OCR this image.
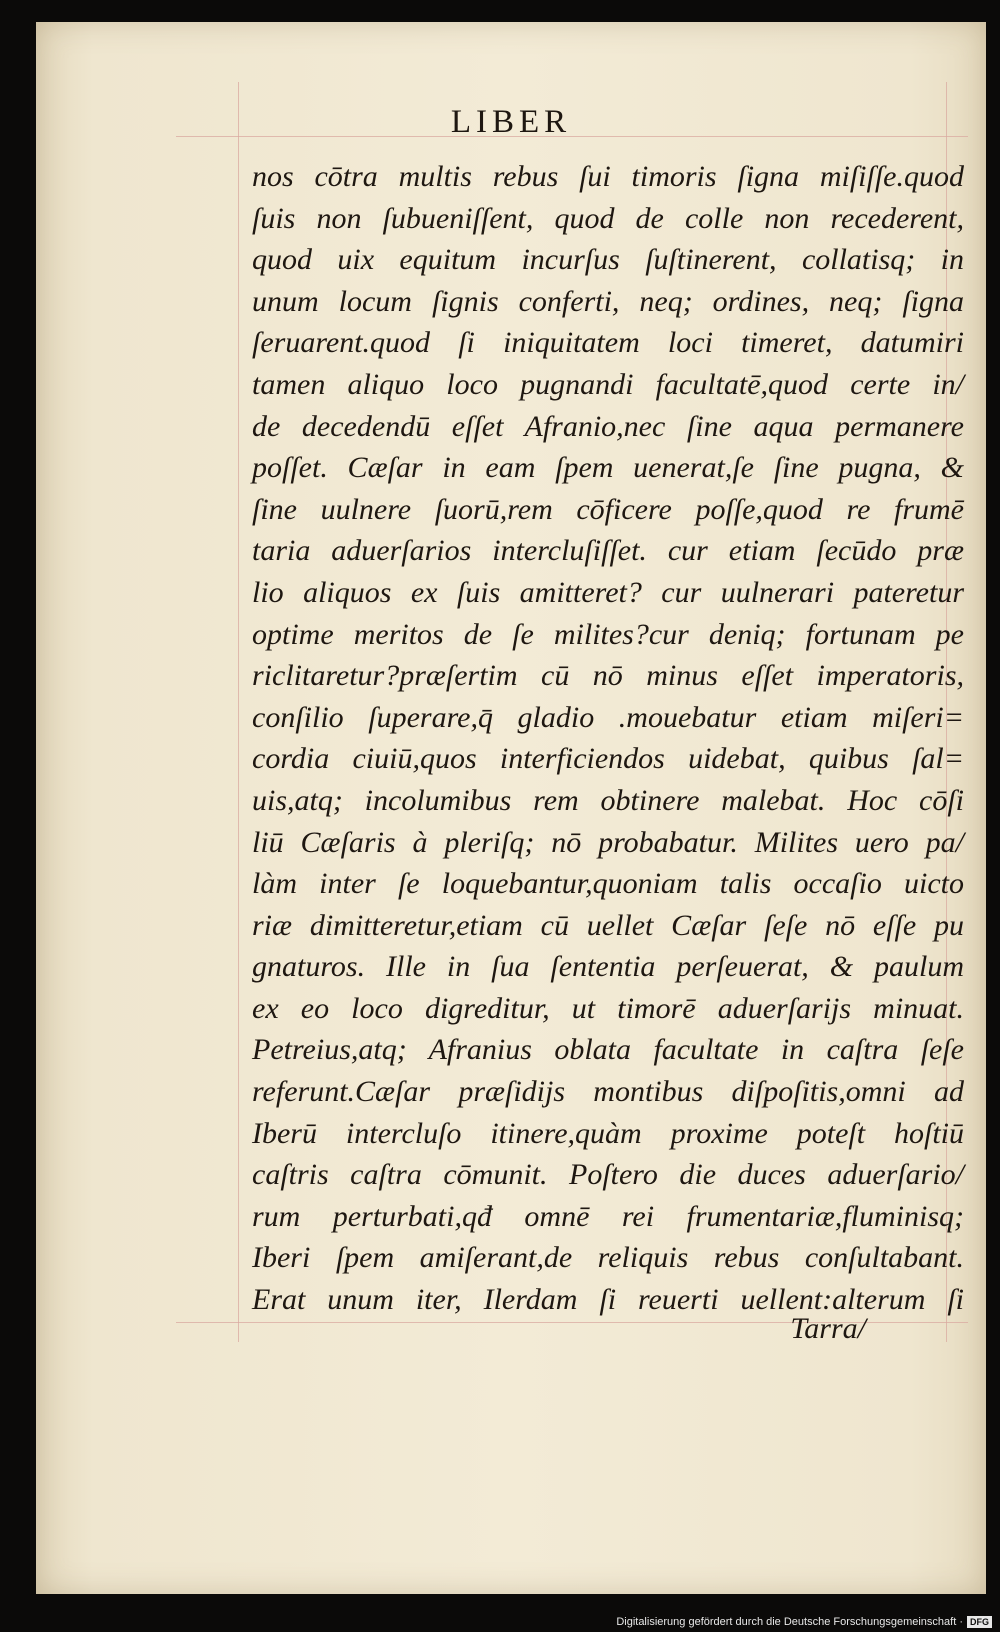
LIBER
nos cōtra multis rebus ſui timoris ſigna miſiſſe.quod
ſuis non ſubueniſſent, quod de colle non recederent,
quod uix equitum incurſus ſuſtinerent, collatisq; in
unum locum ſignis conferti, neq; ordines, neq; ſigna
ſeruarent.quod ſi iniquitatem loci timeret, datumiri
tamen aliquo loco pugnandi facultatē,quod certe in/
de decedendū eſſet Afranio,nec ſine aqua permanere
poſſet. Cæſar in eam ſpem uenerat,ſe ſine pugna, &
ſine uulnere ſuorū,rem cōficere poſſe,quod re frumē
taria aduerſarios intercluſiſſet. cur etiam ſecūdo præ
lio aliquos ex ſuis amitteret? cur uulnerari pateretur
optime meritos de ſe milites?cur deniq; fortunam pe
riclitaretur?præſertim cū nō minus eſſet imperatoris,
conſilio ſuperare,q̄ gladio .mouebatur etiam miſeri=
cordia ciuiū,quos interficiendos uidebat, quibus ſal=
uis,atq; incolumibus rem obtinere malebat. Hoc cōſi
liū Cæſaris à pleriſq; nō probabatur. Milites uero pa/
làm inter ſe loquebantur,quoniam talis occaſio uicto
riæ dimitteretur,etiam cū uellet Cæſar ſeſe nō eſſe pu
gnaturos. Ille in ſua ſententia perſeuerat, & paulum
ex eo loco digreditur, ut timorē aduerſarijs minuat.
Petreius,atq; Afranius oblata facultate in caſtra ſeſe
referunt.Cæſar præſidijs montibus diſpoſitis,omni ad
Iberū intercluſo itinere,quàm proxime poteſt hoſtiū
caſtris caſtra cōmunit. Poſtero die duces aduerſario/
rum perturbati,qđ omnē rei frumentariæ,fluminisq;
Iberi ſpem amiſerant,de reliquis rebus conſultabant.
Erat unum iter, Ilerdam ſi reuerti uellent:alterum ſi
Tarra/
Digitalisierung gefördert durch die Deutsche Forschungsgemeinschaft · DFG
